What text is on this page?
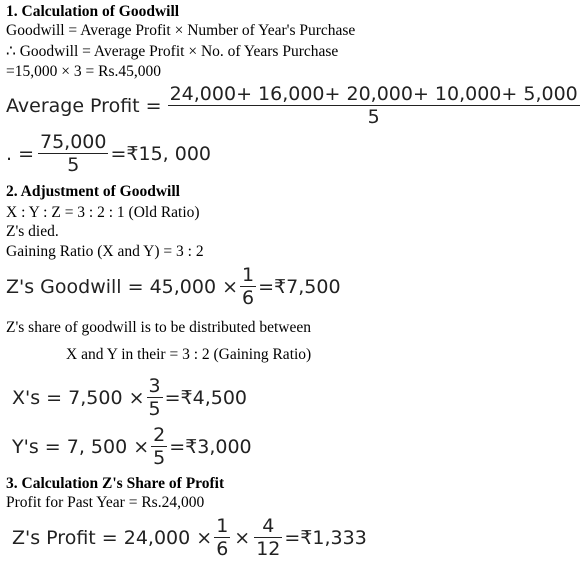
1. Calculation of Goodwill
Goodwill = Average Profit × Number of Year's Purchase
∴ Goodwill = Average Profit × No. of Years Purchase
=15,000 × 3 = Rs.45,000
Average Profit = $\frac{24,000+ 16,000+ 20,000+ 10,000+ 5,000}{5}$
. = $\frac{75,000}{5}$ =₹15, 000
2. Adjustment of Goodwill
X : Y : Z = 3 : 2 : 1 (Old Ratio)
Z's died.
Gaining Ratio (X and Y) = 3 : 2
Z's Goodwill = $45,000 \times \frac{1}{6}$ =₹7,500
Z's share of goodwill is to be distributed between
X and Y in their = 3 : 2 (Gaining Ratio)
$X's = 7,500 \times \frac{3}{5}$ =₹4,500
Y's = 7, $500 \times \frac{2}{5}$ =₹3,000
3. Calculation Z's Share of Profit
Profit for Past Year = Rs.24,000
Z's Profit = $24,000 \times \frac{1}{6} \times \frac{4}{12}$ =₹1,333
